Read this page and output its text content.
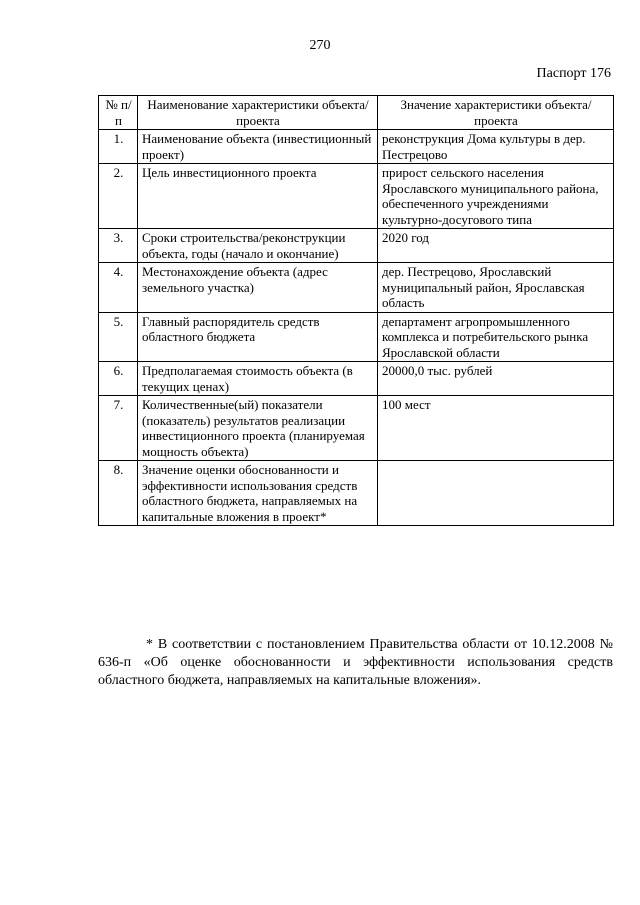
270
Паспорт 176
№ п/п	Наименование характеристики объекта/проекта	Значение характеристики объекта/проекта
1.	Наименование объекта (инвестиционный проект)	реконструкция Дома культуры в дер. Пестрецово
2.	Цель инвестиционного проекта	прирост сельского населения Ярославского муниципального района, обеспеченного учреждениями культурно-досугового типа
3.	Сроки строительства/реконструкции объекта, годы (начало и окончание)	2020 год
4.	Местонахождение объекта (адрес земельного участка)	дер. Пестрецово, Ярославский муниципальный район, Ярославская область
5.	Главный распорядитель средств областного бюджета	департамент агропромышленного комплекса и потребительского рынка Ярославской области
6.	Предполагаемая стоимость объекта (в текущих ценах)	20000,0 тыс. рублей
7.	Количественные(ый) показатели (показатель) результатов реализации инвестиционного проекта (планируемая мощность объекта)	100 мест
8.	Значение оценки обоснованности и эффективности использования средств областного бюджета, направляемых на капитальные вложения в проект*	

* В соответствии с постановлением Правительства области от 10.12.2008 № 636-п «Об оценке обоснованности и эффективности использования средств областного бюджета, направляемых на капитальные вложения».
